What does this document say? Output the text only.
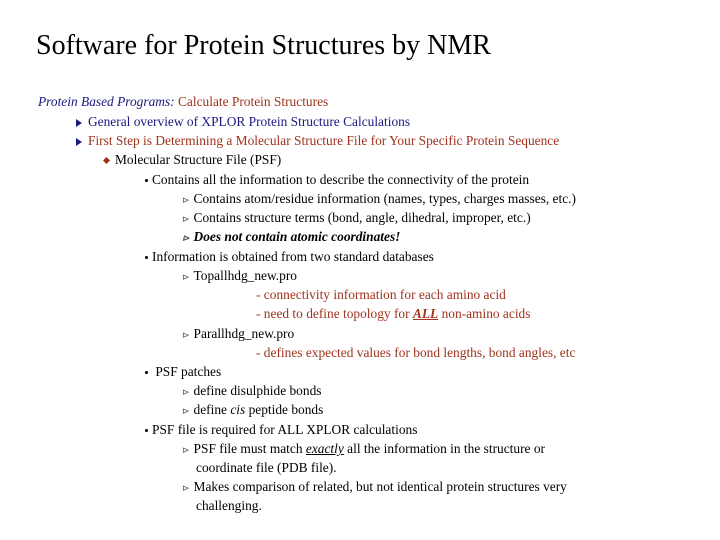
Software for Protein Structures by NMR
Protein Based Programs: Calculate Protein Structures
General overview of XPLOR Protein Structure Calculations
First Step is Determining a Molecular Structure File for Your Specific Protein Sequence
Molecular Structure File (PSF)
Contains all the information to describe the connectivity of the protein
⊳ Contains atom/residue information (names, types, charges masses, etc.)
⊳ Contains structure terms (bond, angle, dihedral, improper, etc.)
⊳ Does not contain atomic coordinates!
Information is obtained from two standard databases
⊳ Topallhdg_new.pro
- connectivity information for each amino acid
- need to define topology for ALL non-amino acids
⊳ Parallhdg_new.pro
- defines expected values for bond lengths, bond angles, etc
PSF patches
⊳ define disulphide bonds
⊳ define cis peptide bonds
PSF file is required for ALL XPLOR calculations
⊳ PSF file must match exactly all the information in the structure or
coordinate file (PDB file).
⊳ Makes comparison of related, but not identical protein structures very
challenging.
